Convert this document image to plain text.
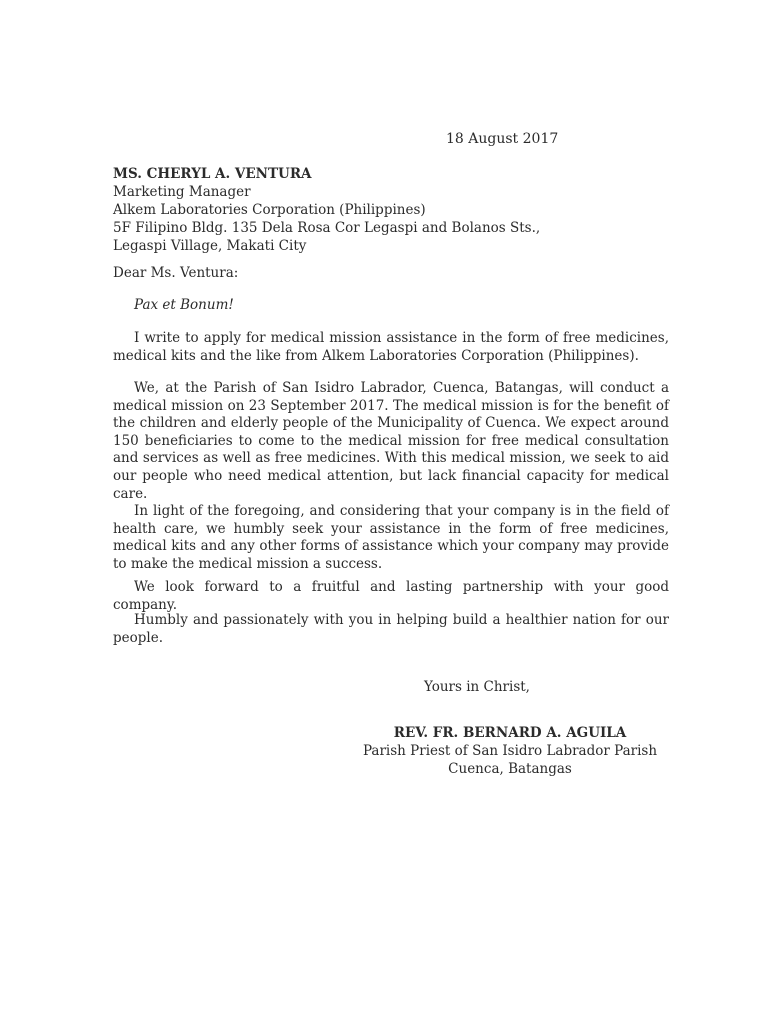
18 August 2017
MS. CHERYL A. VENTURA
Marketing Manager
Alkem Laboratories Corporation (Philippines)
5F Filipino Bldg. 135 Dela Rosa Cor Legaspi and Bolanos Sts.,
Legaspi Village, Makati City
Dear Ms. Ventura:
Pax et Bonum!

I write to apply for medical mission assistance in the form of free medicines, medical kits and the like from Alkem Laboratories Corporation (Philippines).

We, at the Parish of San Isidro Labrador, Cuenca, Batangas, will conduct a medical mission on 23 September 2017. The medical mission is for the benefit of the children and elderly people of the Municipality of Cuenca. We expect around 150 beneficiaries to come to the medical mission for free medical consultation and services as well as free medicines. With this medical mission, we seek to aid our people who need medical attention, but lack financial capacity for medical care.

In light of the foregoing, and considering that your company is in the field of health care, we humbly seek your assistance in the form of free medicines, medical kits and any other forms of assistance which your company may provide to make the medical mission a success.

We look forward to a fruitful and lasting partnership with your good company.

Humbly and passionately with you in helping build a healthier nation for our people.

Yours in Christ,
REV. FR. BERNARD A. AGUILA
Parish Priest of San Isidro Labrador Parish
Cuenca, Batangas
